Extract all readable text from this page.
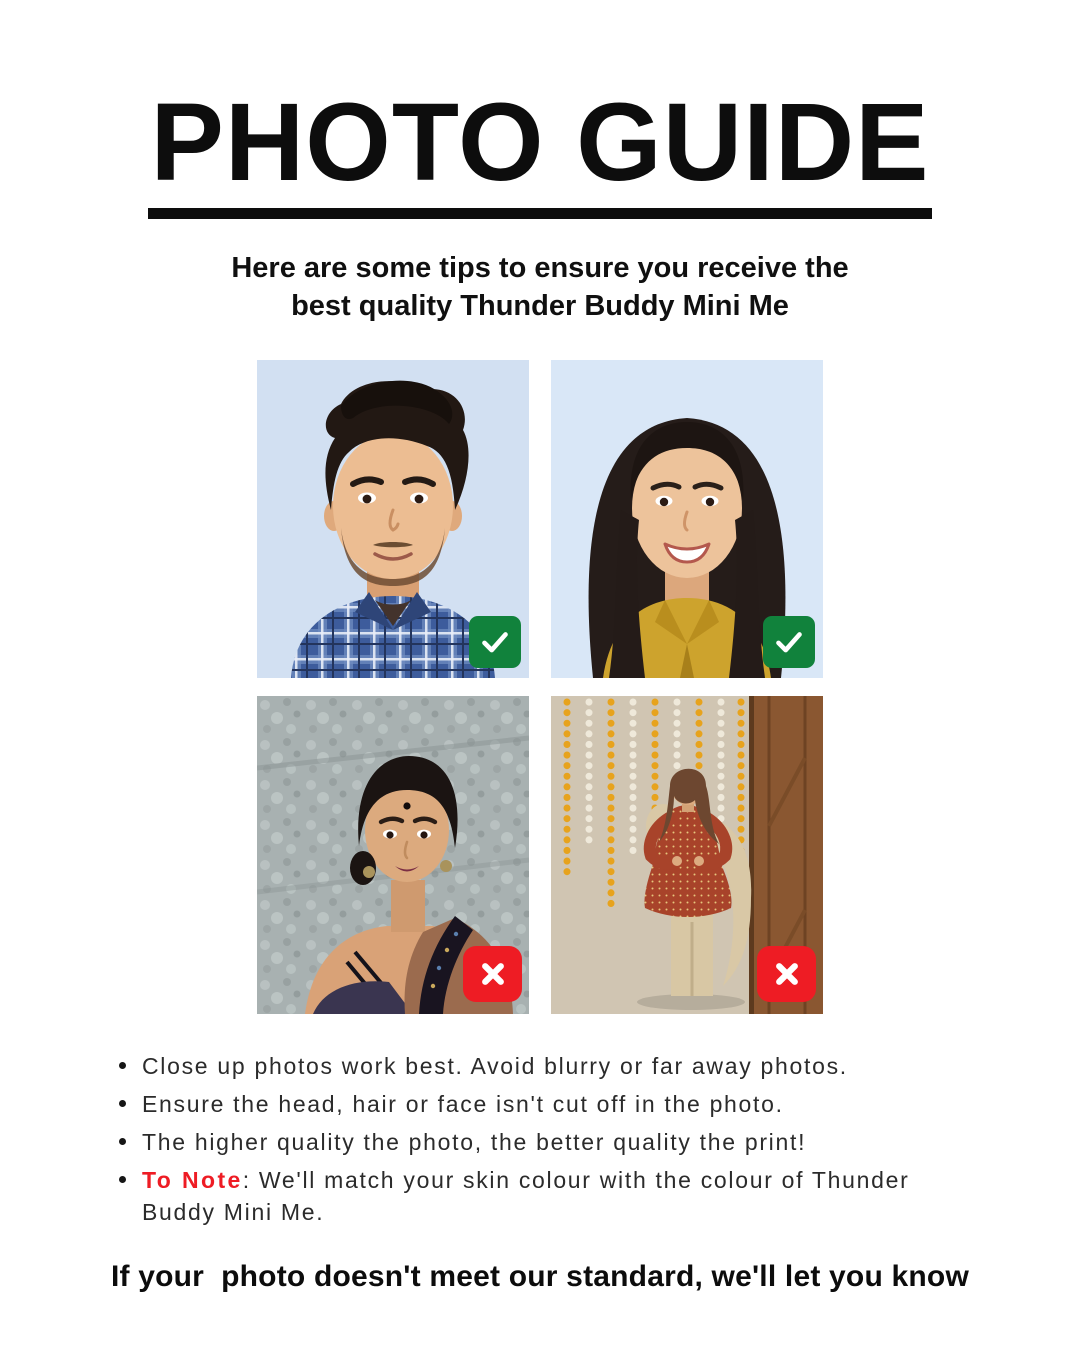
PHOTO GUIDE

Here are some tips to ensure you receive the
best quality Thunder Buddy Mini Me

Close up photos work best. Avoid blurry or far away photos.
Ensure the head, hair or face isn't cut off in the photo.
The higher quality the photo, the better quality the print!
To Note: We'll match your skin colour with the colour of Thunder Buddy Mini Me.

If your  photo doesn't meet our standard, we'll let you know
